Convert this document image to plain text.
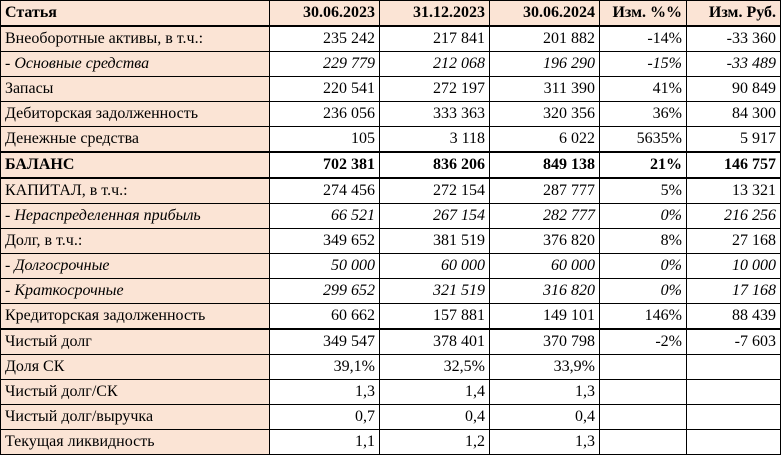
Статья	30.06.2023	31.12.2023	30.06.2024	Изм. %%	Изм. Руб.
Внеоборотные активы, в т.ч.:	235 242	217 841	201 882	-14%	-33 360
- Основные средства	229 779	212 068	196 290	-15%	-33 489
Запасы	220 541	272 197	311 390	41%	90 849
Дебиторская задолженность	236 056	333 363	320 356	36%	84 300
Денежные средства	105	3 118	6 022	5635%	5 917
БАЛАНС	702 381	836 206	849 138	21%	146 757
КАПИТАЛ, в т.ч.:	274 456	272 154	287 777	5%	13 321
- Нераспределенная прибыль	66 521	267 154	282 777	0%	216 256
Долг, в т.ч.:	349 652	381 519	376 820	8%	27 168
- Долгосрочные	50 000	60 000	60 000	0%	10 000
- Краткосрочные	299 652	321 519	316 820	0%	17 168
Кредиторская задолженность	60 662	157 881	149 101	146%	88 439
Чистый долг	349 547	378 401	370 798	-2%	-7 603
Доля СК	39,1%	32,5%	33,9%		
Чистый долг/СК	1,3	1,4	1,3		
Чистый долг/выручка	0,7	0,4	0,4		
Текущая ликвидность	1,1	1,2	1,3		
